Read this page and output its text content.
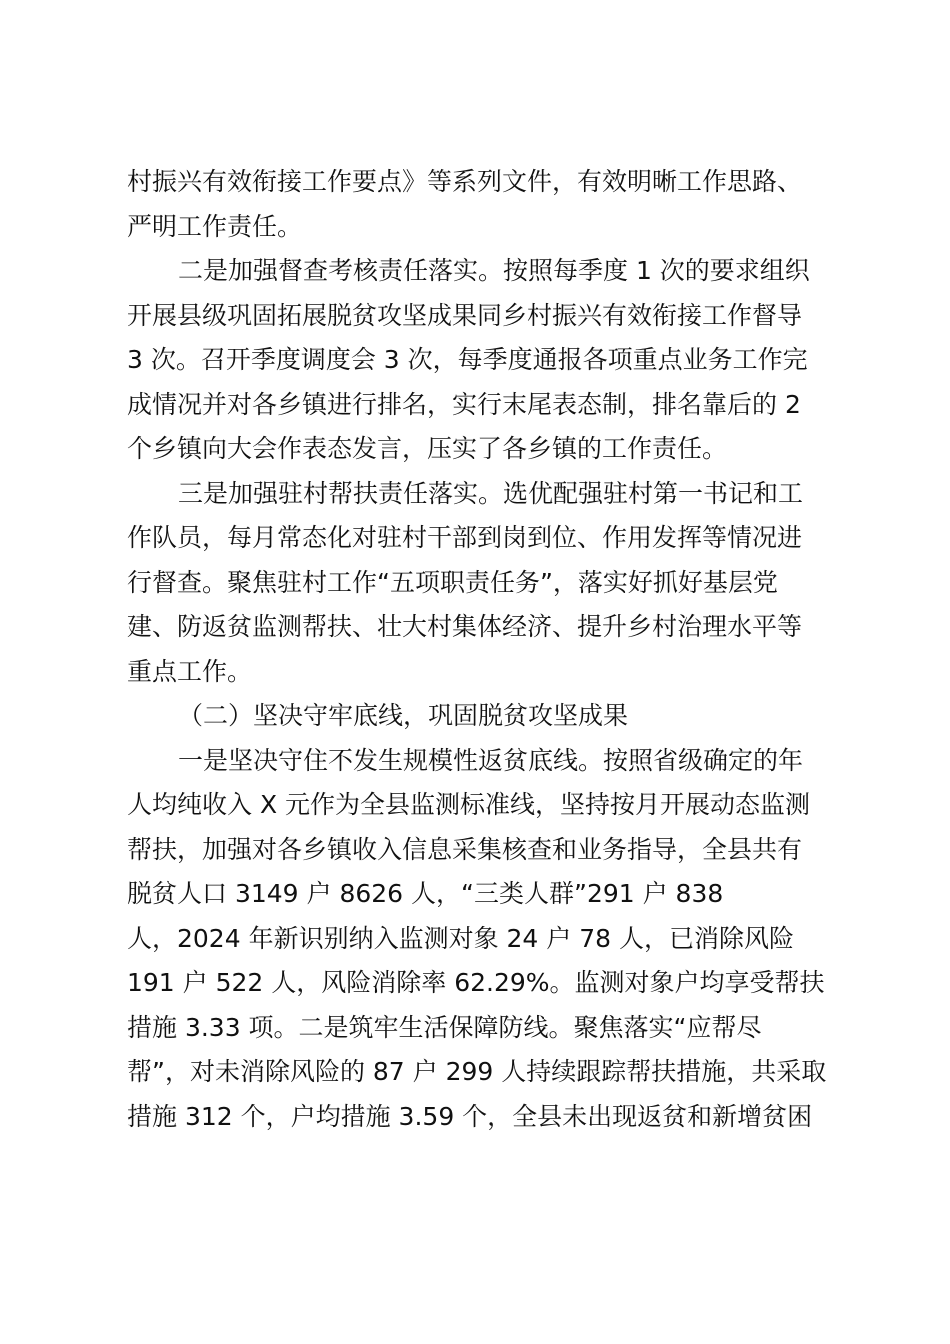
村振兴有效衔接工作要点》等系列文件，有效明晰工作思路、
严明工作责任。
二是加强督查考核责任落实。按照每季度 1 次的要求组织
开展县级巩固拓展脱贫攻坚成果同乡村振兴有效衔接工作督导
3 次。召开季度调度会 3 次，每季度通报各项重点业务工作完
成情况并对各乡镇进行排名，实行末尾表态制，排名靠后的 2
个乡镇向大会作表态发言，压实了各乡镇的工作责任。
三是加强驻村帮扶责任落实。选优配强驻村第一书记和工
作队员，每月常态化对驻村干部到岗到位、作用发挥等情况进
行督查。聚焦驻村工作“五项职责任务”，落实好抓好基层党
建、防返贫监测帮扶、壮大村集体经济、提升乡村治理水平等
重点工作。
（二）坚决守牢底线，巩固脱贫攻坚成果
一是坚决守住不发生规模性返贫底线。按照省级确定的年
人均纯收入 X 元作为全县监测标准线，坚持按月开展动态监测
帮扶，加强对各乡镇收入信息采集核查和业务指导，全县共有
脱贫人口 3149 户 8626 人，“三类人群”291 户 838
人，2024 年新识别纳入监测对象 24 户 78 人，已消除风险
191 户 522 人，风险消除率 62.29%。监测对象户均享受帮扶
措施 3.33 项。二是筑牢生活保障防线。聚焦落实“应帮尽
帮”，对未消除风险的 87 户 299 人持续跟踪帮扶措施，共采取
措施 312 个，户均措施 3.59 个，全县未出现返贫和新增贫困
